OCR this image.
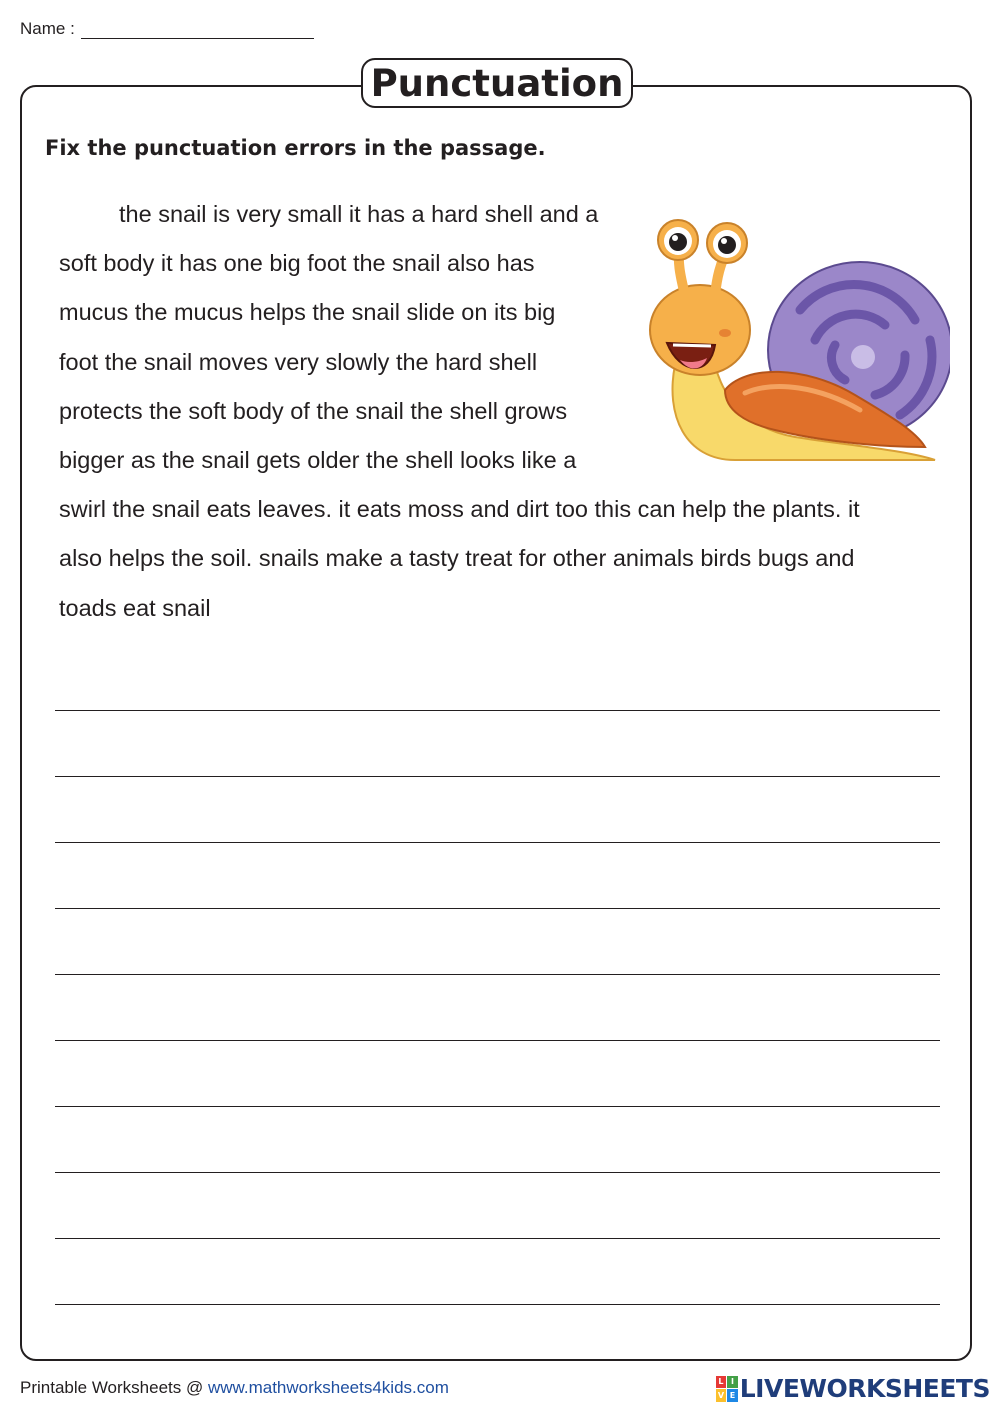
Name :
Punctuation
Fix the punctuation errors in the passage.
the snail is very small it has a hard shell and a
soft body it has one big foot the snail also has
mucus the mucus helps the snail slide on its big
foot the snail moves very slowly the hard shell
protects the soft body of the snail the shell grows
bigger as the snail gets older the shell looks like a
swirl the snail eats leaves. it eats moss and dirt too this can help the plants. it
also helps the soil. snails make a tasty treat for other animals birds bugs and
toads eat snail
Printable Worksheets @ www.mathworksheets4kids.com	L I
V E LIVEWORKSHEETS
